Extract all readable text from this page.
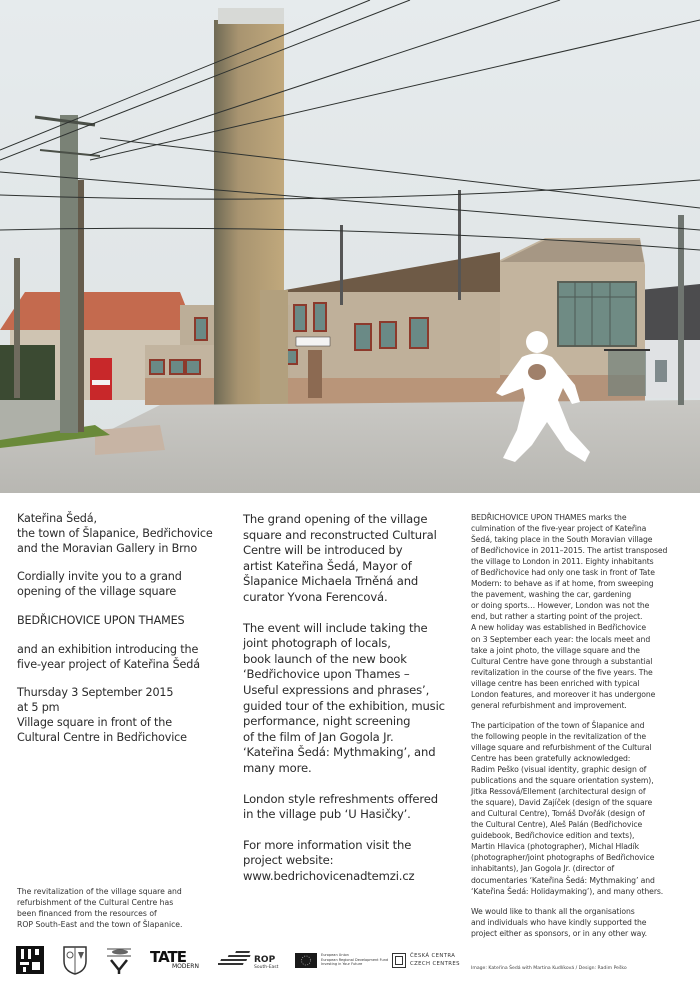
Kateřina Šedá,
the town of Šlapanice, Bedřichovice
and the Moravian Gallery in Brno

Cordially invite you to a grand
opening of the village square

BEDŘICHOVICE UPON THAMES

and an exhibition introducing the
five-year project of Kateřina Šedá

Thursday 3 September 2015
at 5 pm
Village square in front of the
Cultural Centre in Bedřichovice

The grand opening of the village
square and reconstructed Cultural
Centre will be introduced by
artist Kateřina Šedá, Mayor of
Šlapanice Michaela Trněná and
curator Yvona Ferencová.

The event will include taking the
joint photograph of locals,
book launch of the new book
‘Bedřichovice upon Thames –
Useful expressions and phrases’,
guided tour of the exhibition, music
performance, night screening
of the film of Jan Gogola Jr.
‘Kateřina Šedá: Mythmaking’, and
many more.

London style refreshments offered
in the village pub ‘U Hasičky’.

For more information visit the
project website:
www.bedrichovicenadtemzi.cz

BEDŘICHOVICE UPON THAMES marks the
culmination of the five-year project of Kateřina
Šedá, taking place in the South Moravian village
of Bedřichovice in 2011–2015. The artist transposed
the village to London in 2011. Eighty inhabitants
of Bedřichovice had only one task in front of Tate
Modern: to behave as if at home, from sweeping
the pavement, washing the car, gardening
or doing sports… However, London was not the
end, but rather a starting point of the project.
A new holiday was established in Bedřichovice
on 3 September each year: the locals meet and
take a joint photo, the village square and the
Cultural Centre have gone through a substantial
revitalization in the course of the five years. The
village centre has been enriched with typical
London features, and moreover it has undergone
general refurbishment and improvement.

The participation of the town of Šlapanice and
the following people in the revitalization of the
village square and refurbishment of the Cultural
Centre has been gratefully acknowledged:
Radim Peško (visual identity, graphic design of
publications and the square orientation system),
Jitka Ressová/Ellement (architectural design of
the square), David Zajíček (design of the square
and Cultural Centre), Tomáš Dvořák (design of
the Cultural Centre), Aleš Palán (Bedřichovice
guidebook, Bedřichovice edition and texts),
Martin Hlavica (photographer), Michal Hladík
(photographer/joint photographs of Bedřichovice
inhabitants), Jan Gogola Jr. (director of
documentaries ‘Kateřina Šedá: Mythmaking’ and
‘Kateřina Šedá: Holidaymaking’), and many others.

We would like to thank all the organisations
and individuals who have kindly supported the
project either as sponsors, or in any other way.

The revitalization of the village square and
refurbishment of the Cultural Centre has
been financed from the resources of
ROP South-East and the town of Šlapanice.

TATE
MODERN
ROP
South-East
European Union
European Regional Development Fund
Investing in Your Future
ČESKÁ CENTRA
CZECH CENTRES

Image: Kateřina Šedá with Martina Kudlíková / Design: Radim Peško
